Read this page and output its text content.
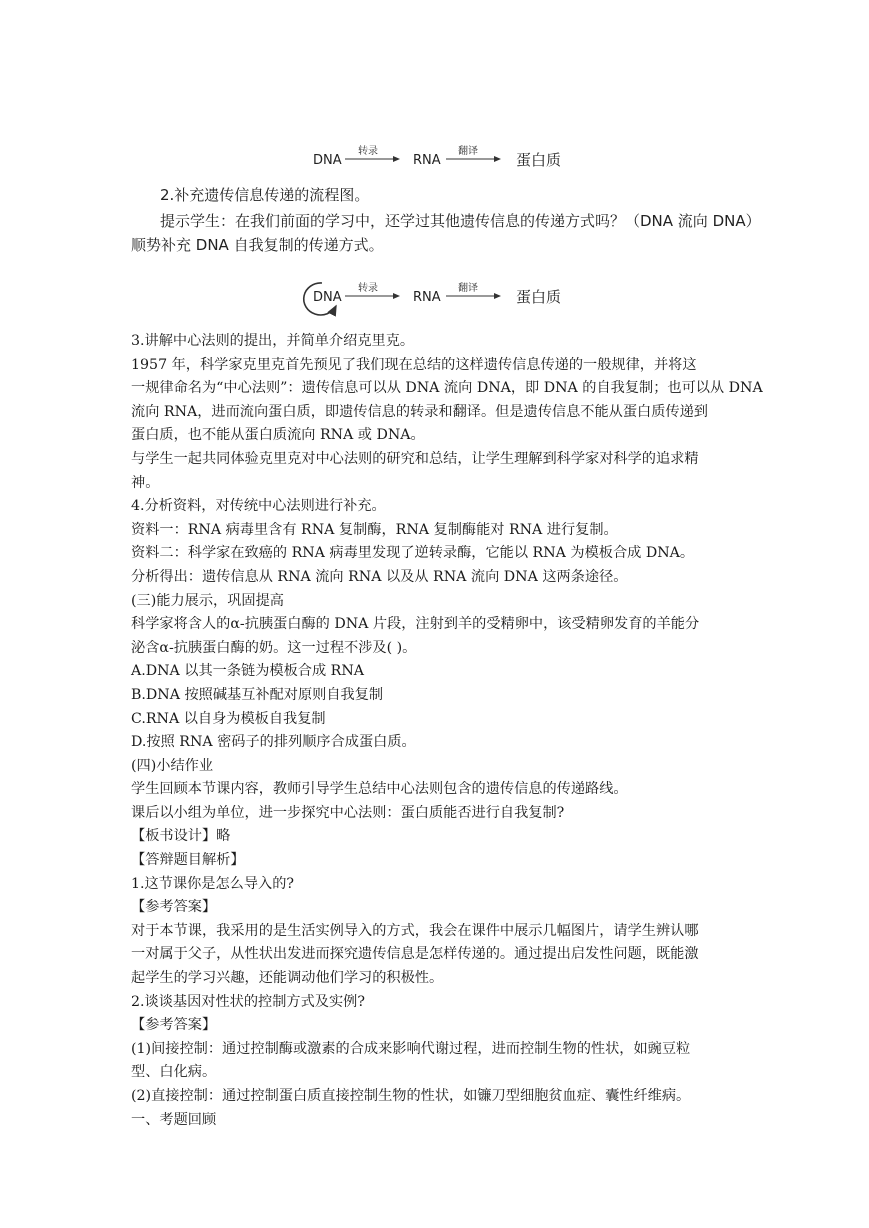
DNA
转录
RNA
翻译	蛋白质
2.补充遗传信息传递的流程图。
提示学生：在我们前面的学习中，还学过其他遗传信息的传递方式吗？（DNA 流向 DNA）
顺势补充 DNA 自我复制的传递方式。
DNA
转录
RNA
翻译	蛋白质
3.讲解中心法则的提出，并简单介绍克里克。
1957 年，科学家克里克首先预见了我们现在总结的这样遗传信息传递的一般规律，并将这
一规律命名为“中心法则”：遗传信息可以从 DNA 流向 DNA，即 DNA 的自我复制；也可以从 DNA
流向 RNA，进而流向蛋白质，即遗传信息的转录和翻译。但是遗传信息不能从蛋白质传递到
蛋白质，也不能从蛋白质流向 RNA 或 DNA。
与学生一起共同体验克里克对中心法则的研究和总结，让学生理解到科学家对科学的追求精
神。
4.分析资料，对传统中心法则进行补充。
资料一：RNA 病毒里含有 RNA 复制酶，RNA 复制酶能对 RNA 进行复制。
资料二：科学家在致癌的 RNA 病毒里发现了逆转录酶，它能以 RNA 为模板合成 DNA。
分析得出：遗传信息从 RNA 流向 RNA 以及从 RNA 流向 DNA 这两条途径。
(三)能力展示，巩固提高
科学家将含人的α-抗胰蛋白酶的 DNA 片段，注射到羊的受精卵中，该受精卵发育的羊能分
泌含α-抗胰蛋白酶的奶。这一过程不涉及( )。
A.DNA 以其一条链为模板合成 RNA
B.DNA 按照碱基互补配对原则自我复制
C.RNA 以自身为模板自我复制
D.按照 RNA 密码子的排列顺序合成蛋白质。
(四)小结作业
学生回顾本节课内容，教师引导学生总结中心法则包含的遗传信息的传递路线。
课后以小组为单位，进一步探究中心法则：蛋白质能否进行自我复制?
【板书设计】略
【答辩题目解析】
1.这节课你是怎么导入的?
【参考答案】
对于本节课，我采用的是生活实例导入的方式，我会在课件中展示几幅图片，请学生辨认哪
一对属于父子，从性状出发进而探究遗传信息是怎样传递的。通过提出启发性问题，既能激
起学生的学习兴趣，还能调动他们学习的积极性。
2.谈谈基因对性状的控制方式及实例?
【参考答案】
(1)间接控制：通过控制酶或激素的合成来影响代谢过程，进而控制生物的性状，如豌豆粒
型、白化病。
(2)直接控制：通过控制蛋白质直接控制生物的性状，如镰刀型细胞贫血症、囊性纤维病。
一、考题回顾
